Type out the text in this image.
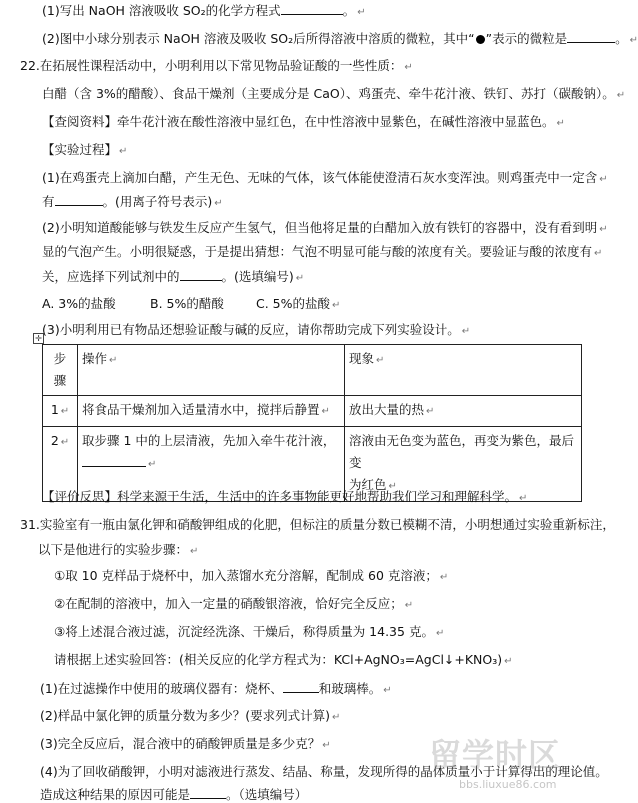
(1)写出 NaOH 溶液吸收 SO₂的化学方程式	。 ↵
(2)图中小球分别表示 NaOH 溶液及吸收 SO₂后所得溶液中溶质的微粒，其中“ ”表示的微粒是	。 ↵
22.在拓展性课程活动中，小明利用以下常见物品验证酸的一些性质： ↵
白醋（含 3%的醋酸）、食品干燥剂（主要成分是 CaO）、鸡蛋壳、牵牛花汁液、铁钉、苏打（碳酸钠）。 ↵
【查阅资料】牵牛花汁液在酸性溶液中显红色，在中性溶液中显紫色，在碱性溶液中显蓝色。 ↵
【实验过程】 ↵
(1)在鸡蛋壳上滴加白醋，产生无色、无味的气体，该气体能使澄清石灰水变浑浊。则鸡蛋壳中一定含 ↵
有	。(用离子符号表示) ↵
(2)小明知道酸能够与铁发生反应产生氢气，但当他将足量的白醋加入放有铁钉的容器中，没有看到明 ↵
显的气泡产生。小明很疑惑，于是提出猜想：气泡不明显可能与酸的浓度有关。要验证与酸的浓度有 ↵
关，应选择下列试剂中的	。(选填编号) ↵
A. 3%的盐酸	B. 5%的醋酸	C. 5%的盐酸 ↵
✛
(3)小明利用已有物品还想验证酸与碱的反应，请你帮助完成下列实验设计。 ↵
步
骤	操作 ↵	现象 ↵
1 ↵	将食品干燥剂加入适量清水中，搅拌后静置 ↵	放出大量的热 ↵
2 ↵	取步骤 1 中的上层清液，先加入牵牛花汁液，
↵	溶液由无色变为蓝色，再变为紫色，最后变
为红色 ↵
【评价反思】科学来源于生活，生活中的许多事物能更好地帮助我们学习和理解科学。 ↵
31.实验室有一瓶由氯化钾和硝酸钾组成的化肥，但标注的质量分数已模糊不清，小明想通过实验重新标注，
以下是他进行的实验步骤： ↵
①取 10 克样品于烧杯中，加入蒸馏水充分溶解，配制成 60 克溶液； ↵
②在配制的溶液中，加入一定量的硝酸银溶液，恰好完全反应； ↵
③将上述混合液过滤，沉淀经洗涤、干燥后，称得质量为 14.35 克。 ↵
请根据上述实验回答：(相关反应的化学方程式为：KCl+AgNO₃=AgCl↓+KNO₃) ↵
(1)在过滤操作中使用的玻璃仪器有：烧杯、	和玻璃棒。 ↵
(2)样品中氯化钾的质量分数为多少？(要求列式计算) ↵
(3)完全反应后，混合液中的硝酸钾质量是多少克？ ↵
(4)为了回收硝酸钾，小明对滤液进行蒸发、结晶、称量，发现所得的晶体质量小于计算得出的理论值。
造成这种结果的原因可能是	。（选填编号）
留学时区
bbs.liuxue86.com
